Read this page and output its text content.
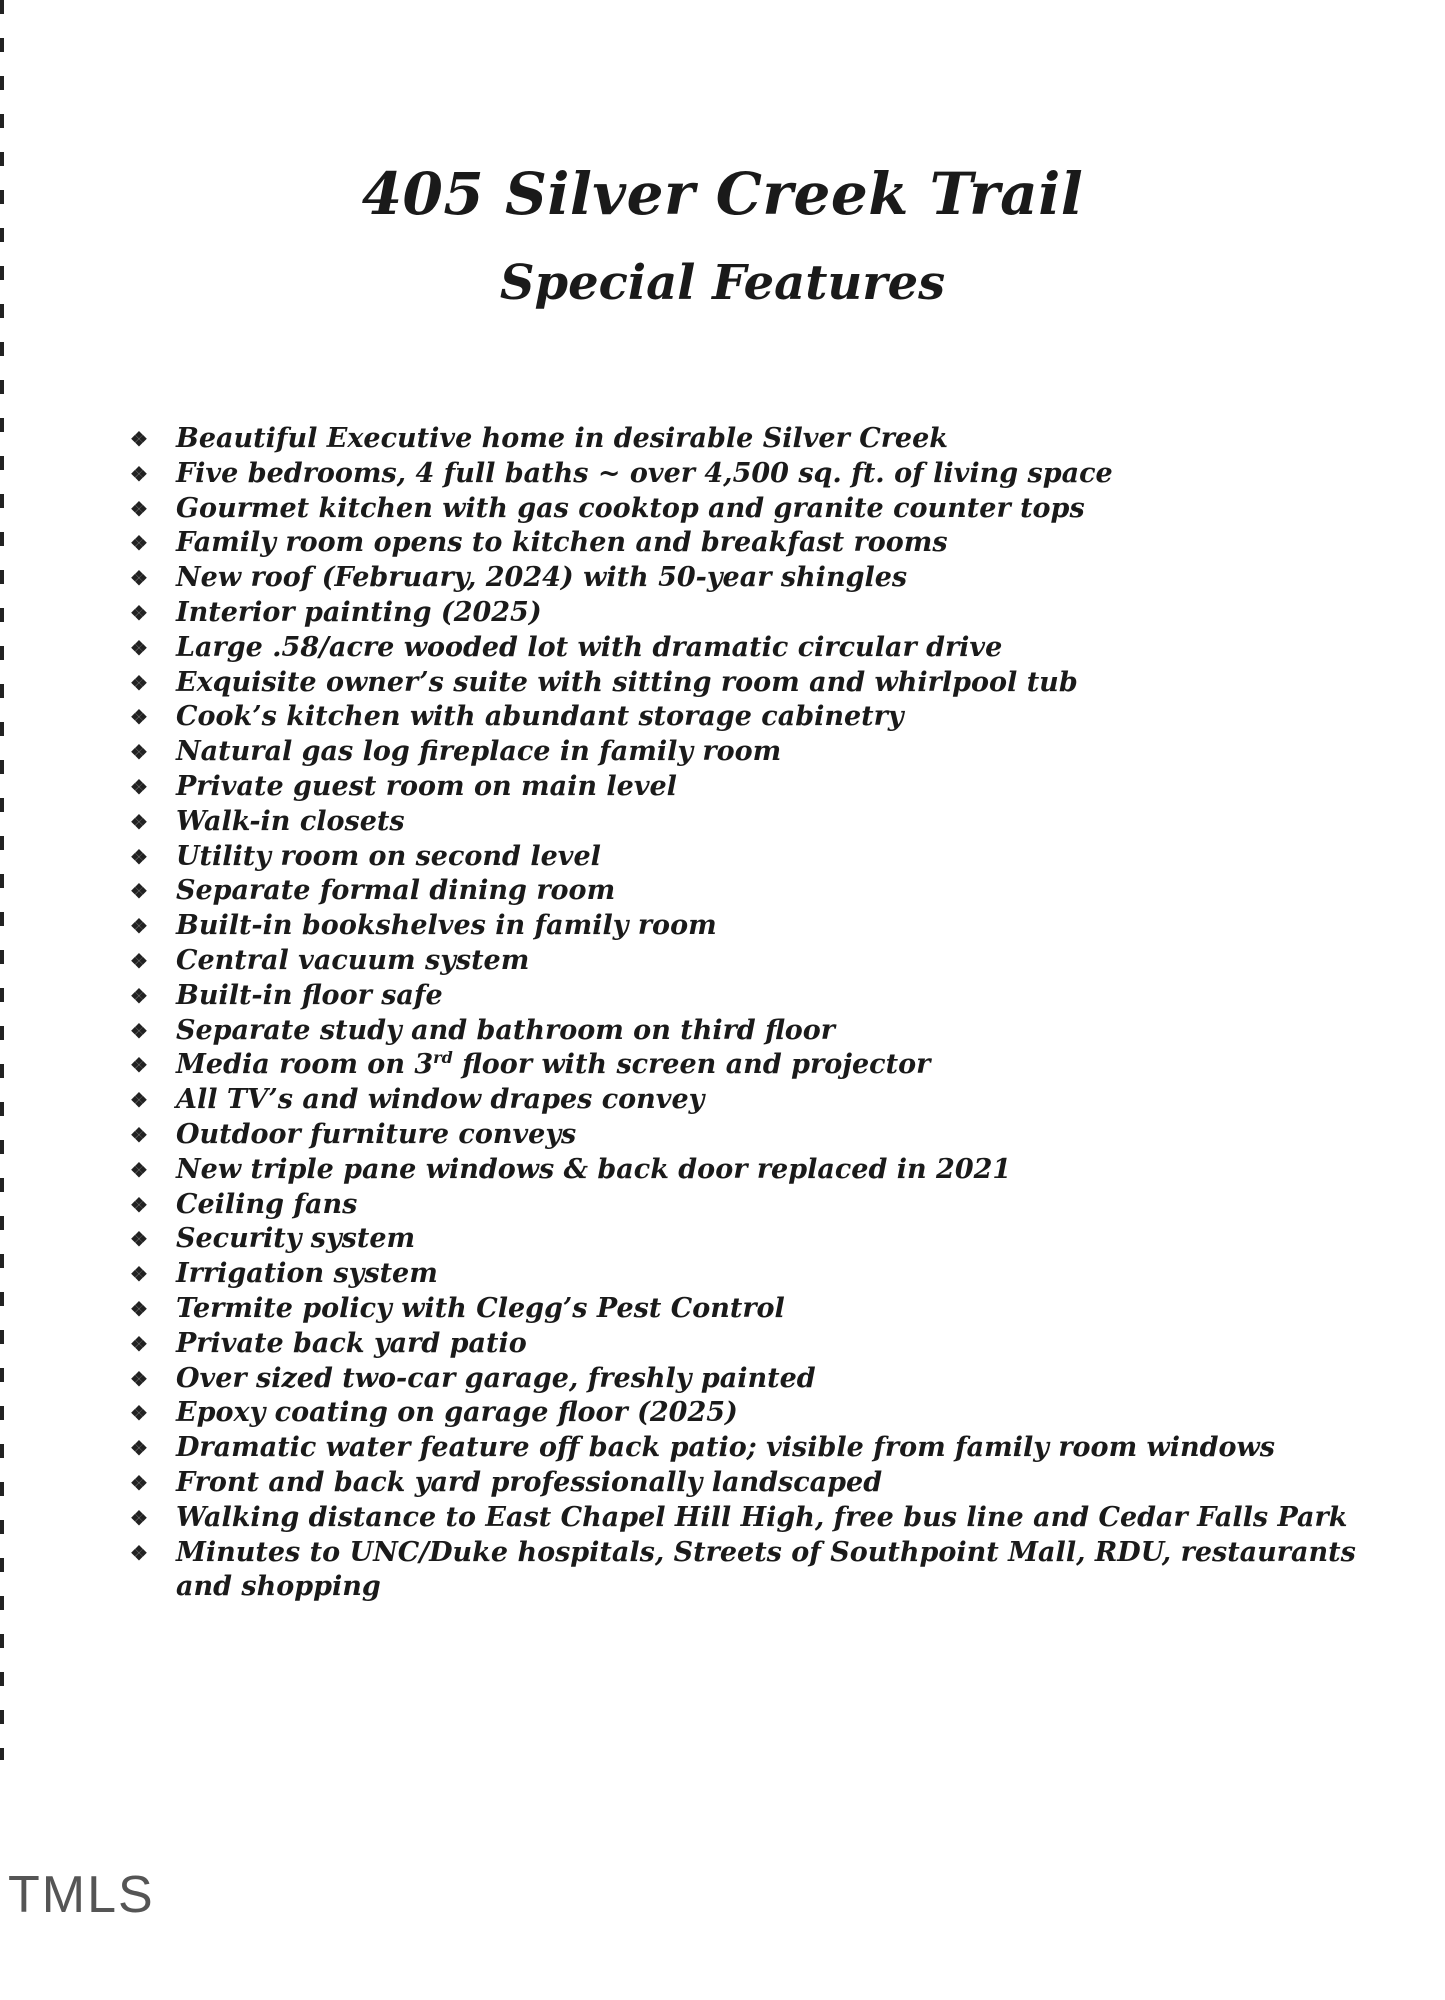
405 Silver Creek Trail
Special Features
❖ Beautiful Executive home in desirable Silver Creek
❖ Five bedrooms, 4 full baths ~ over 4,500 sq. ft. of living space
❖ Gourmet kitchen with gas cooktop and granite counter tops
❖ Family room opens to kitchen and breakfast rooms
❖ New roof (February, 2024) with 50-year shingles
❖ Interior painting (2025)
❖ Large .58/acre wooded lot with dramatic circular drive
❖ Exquisite owner’s suite with sitting room and whirlpool tub
❖ Cook’s kitchen with abundant storage cabinetry
❖ Natural gas log fireplace in family room
❖ Private guest room on main level
❖ Walk-in closets
❖ Utility room on second level
❖ Separate formal dining room
❖ Built-in bookshelves in family room
❖ Central vacuum system
❖ Built-in floor safe
❖ Separate study and bathroom on third floor
❖ Media room on 3rd floor with screen and projector
❖ All TV’s and window drapes convey
❖ Outdoor furniture conveys
❖ New triple pane windows & back door replaced in 2021
❖ Ceiling fans
❖ Security system
❖ Irrigation system
❖ Termite policy with Clegg’s Pest Control
❖ Private back yard patio
❖ Over sized two-car garage, freshly painted
❖ Epoxy coating on garage floor (2025)
❖ Dramatic water feature off back patio; visible from family room windows
❖ Front and back yard professionally landscaped
❖ Walking distance to East Chapel Hill High, free bus line and Cedar Falls Park
❖ Minutes to UNC/Duke hospitals, Streets of Southpoint Mall, RDU, restaurants and shopping
TMLS
